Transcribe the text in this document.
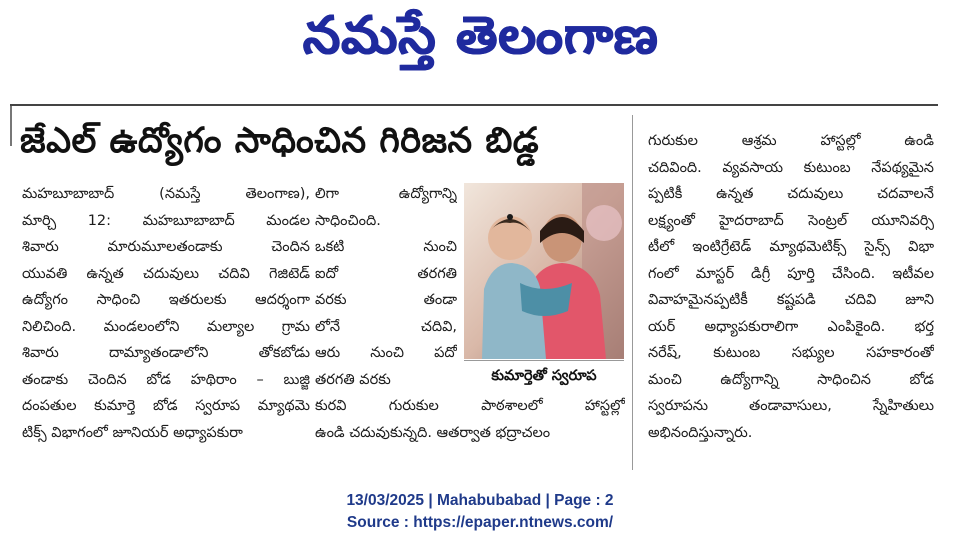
నమస్తే తెలంగాణ
జేఎల్ ఉద్యోగం సాధించిన గిరిజన బిడ్డ
మహబూబాబాద్ (నమస్తే తెలంగాణ),
మార్చి 12: మహబూబాబాద్ మండల
శివారు మారుమూలతండాకు చెందిన
యువతి ఉన్నత చదువులు చదివి గెజిటెడ్
ఉద్యోగం సాధించి ఇతరులకు ఆదర్శంగా
నిలిచింది. మండలంలోని మల్యాల గ్రామ
శివారు దామ్యాతండాలోని తోకబోడు
తండాకు చెందిన బోడ హథిరాం – బుజ్జి
దంపతుల కుమార్తె బోడ స్వరూప మ్యాథమె
టిక్స్ విభాగంలో జూనియర్ అధ్యాపకురా
లిగా ఉద్యోగాన్ని
సాధించింది.
ఒకటి నుంచి
ఐదో తరగతి
వరకు తండా
లోనే చదివి,
ఆరు నుంచి పదో
తరగతి వరకు
కురవి గురుకుల పాఠశాలలో హాస్టల్లో
ఉండి చదువుకున్నది. ఆతర్వాత భద్రాచలం
గురుకుల ఆశ్రమ హాస్టల్లో ఉండి
చదివింది. వ్యవసాయ కుటుంబ నేపథ్యమైన
ప్పటికీ ఉన్నత చదువులు చదవాలనే
లక్ష్యంతో హైదరాబాద్ సెంట్రల్ యూనివర్సి
టీలో ఇంటిగ్రేటెడ్ మ్యాథమెటిక్స్ సైన్స్ విభా
గంలో మాస్టర్ డిగ్రీ పూర్తి చేసింది. ఇటీవల
వివాహమైనప్పటికీ కష్టపడి చదివి జూని
యర్ అధ్యాపకురాలిగా ఎంపికైంది. భర్త
నరేష్, కుటుంబ సభ్యుల సహకారంతో
మంచి ఉద్యోగాన్ని సాధించిన బోడ
స్వరూపను తండావాసులు, స్నేహితులు
అభినందిస్తున్నారు.
కుమార్తెతో స్వరూప
13/03/2025 | Mahabubabad | Page : 2
Source : https://epaper.ntnews.com/
